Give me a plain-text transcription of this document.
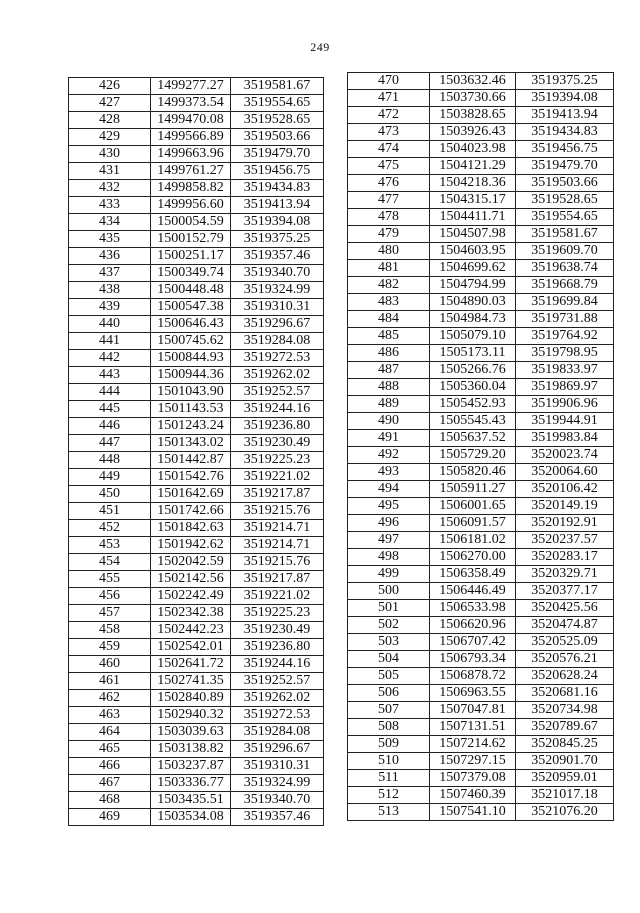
249
426	1499277.27	3519581.67
427	1499373.54	3519554.65
428	1499470.08	3519528.65
429	1499566.89	3519503.66
430	1499663.96	3519479.70
431	1499761.27	3519456.75
432	1499858.82	3519434.83
433	1499956.60	3519413.94
434	1500054.59	3519394.08
435	1500152.79	3519375.25
436	1500251.17	3519357.46
437	1500349.74	3519340.70
438	1500448.48	3519324.99
439	1500547.38	3519310.31
440	1500646.43	3519296.67
441	1500745.62	3519284.08
442	1500844.93	3519272.53
443	1500944.36	3519262.02
444	1501043.90	3519252.57
445	1501143.53	3519244.16
446	1501243.24	3519236.80
447	1501343.02	3519230.49
448	1501442.87	3519225.23
449	1501542.76	3519221.02
450	1501642.69	3519217.87
451	1501742.66	3519215.76
452	1501842.63	3519214.71
453	1501942.62	3519214.71
454	1502042.59	3519215.76
455	1502142.56	3519217.87
456	1502242.49	3519221.02
457	1502342.38	3519225.23
458	1502442.23	3519230.49
459	1502542.01	3519236.80
460	1502641.72	3519244.16
461	1502741.35	3519252.57
462	1502840.89	3519262.02
463	1502940.32	3519272.53
464	1503039.63	3519284.08
465	1503138.82	3519296.67
466	1503237.87	3519310.31
467	1503336.77	3519324.99
468	1503435.51	3519340.70
469	1503534.08	3519357.46
470	1503632.46	3519375.25
471	1503730.66	3519394.08
472	1503828.65	3519413.94
473	1503926.43	3519434.83
474	1504023.98	3519456.75
475	1504121.29	3519479.70
476	1504218.36	3519503.66
477	1504315.17	3519528.65
478	1504411.71	3519554.65
479	1504507.98	3519581.67
480	1504603.95	3519609.70
481	1504699.62	3519638.74
482	1504794.99	3519668.79
483	1504890.03	3519699.84
484	1504984.73	3519731.88
485	1505079.10	3519764.92
486	1505173.11	3519798.95
487	1505266.76	3519833.97
488	1505360.04	3519869.97
489	1505452.93	3519906.96
490	1505545.43	3519944.91
491	1505637.52	3519983.84
492	1505729.20	3520023.74
493	1505820.46	3520064.60
494	1505911.27	3520106.42
495	1506001.65	3520149.19
496	1506091.57	3520192.91
497	1506181.02	3520237.57
498	1506270.00	3520283.17
499	1506358.49	3520329.71
500	1506446.49	3520377.17
501	1506533.98	3520425.56
502	1506620.96	3520474.87
503	1506707.42	3520525.09
504	1506793.34	3520576.21
505	1506878.72	3520628.24
506	1506963.55	3520681.16
507	1507047.81	3520734.98
508	1507131.51	3520789.67
509	1507214.62	3520845.25
510	1507297.15	3520901.70
511	1507379.08	3520959.01
512	1507460.39	3521017.18
513	1507541.10	3521076.20
